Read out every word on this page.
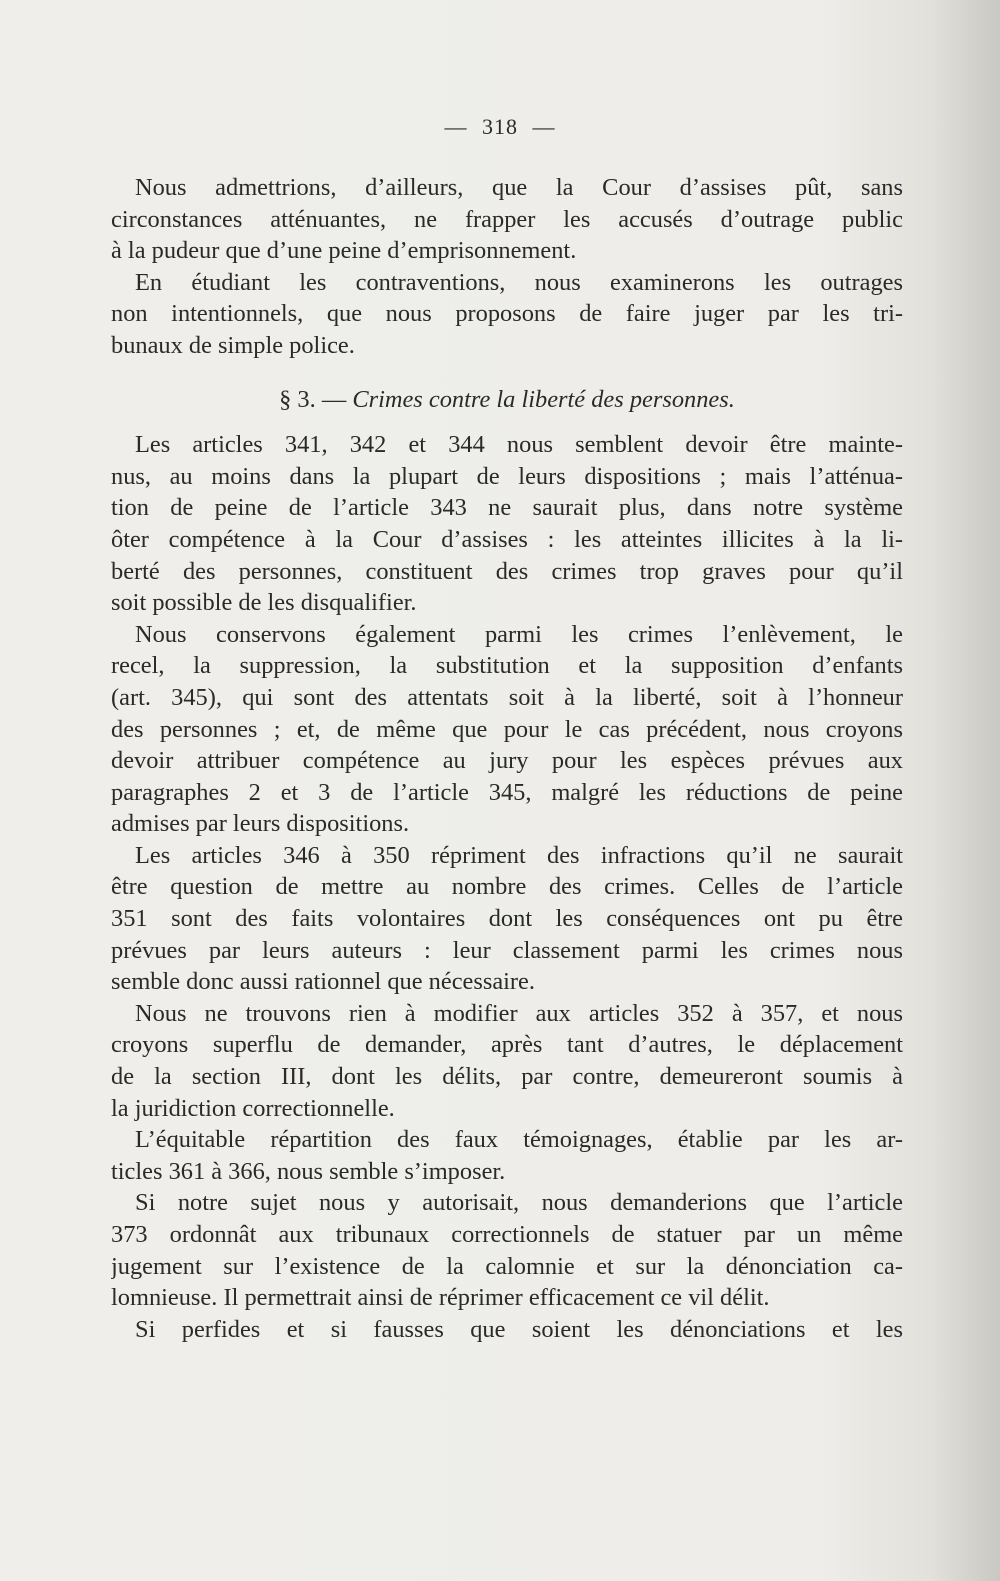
— 318 —

Nous admettrions, d’ailleurs, que la Cour d’assises pût, sans
circonstances atténuantes, ne frapper les accusés d’outrage public
à la pudeur que d’une peine d’emprisonnement.

En étudiant les contraventions, nous examinerons les outrages
non intentionnels, que nous proposons de faire juger par les tri-
bunaux de simple police.

§ 3. — Crimes contre la liberté des personnes.

Les articles 341, 342 et 344 nous semblent devoir être mainte-
nus, au moins dans la plupart de leurs dispositions ; mais l’atténua-
tion de peine de l’article 343 ne saurait plus, dans notre système
ôter compétence à la Cour d’assises : les atteintes illicites à la li-
berté des personnes, constituent des crimes trop graves pour qu’il
soit possible de les disqualifier.

Nous conservons également parmi les crimes l’enlèvement, le
recel, la suppression, la substitution et la supposition d’enfants
(art. 345), qui sont des attentats soit à la liberté, soit à l’honneur
des personnes ; et, de même que pour le cas précédent, nous croyons
devoir attribuer compétence au jury pour les espèces prévues aux
paragraphes 2 et 3 de l’article 345, malgré les réductions de peine
admises par leurs dispositions.

Les articles 346 à 350 répriment des infractions qu’il ne saurait
être question de mettre au nombre des crimes. Celles de l’article
351 sont des faits volontaires dont les conséquences ont pu être
prévues par leurs auteurs : leur classement parmi les crimes nous
semble donc aussi rationnel que nécessaire.

Nous ne trouvons rien à modifier aux articles 352 à 357, et nous
croyons superflu de demander, après tant d’autres, le déplacement
de la section III, dont les délits, par contre, demeureront soumis à
la juridiction correctionnelle.

L’équitable répartition des faux témoignages, établie par les ar-
ticles 361 à 366, nous semble s’imposer.

Si notre sujet nous y autorisait, nous demanderions que l’article
373 ordonnât aux tribunaux correctionnels de statuer par un même
jugement sur l’existence de la calomnie et sur la dénonciation ca-
lomnieuse. Il permettrait ainsi de réprimer efficacement ce vil délit.

Si perfides et si fausses que soient les dénonciations et les
